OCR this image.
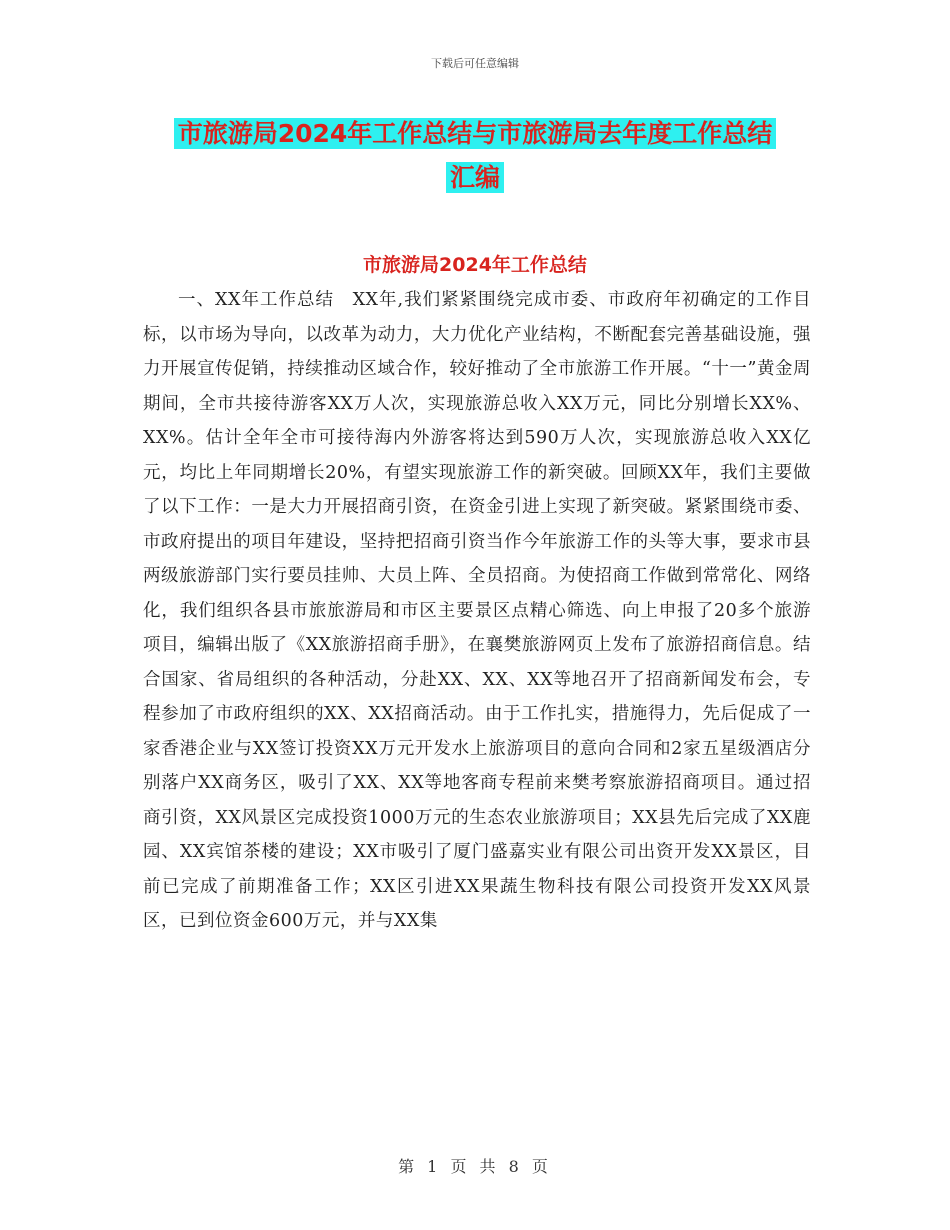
下载后可任意编辑
市旅游局2024年工作总结与市旅游局去年度工作总结
汇编
市旅游局2024年工作总结

一、XX年工作总结　XX年,我们紧紧围绕完成市委、市政府年初确定的工作目标，以市场为导向，以改革为动力，大力优化产业结构，不断配套完善基础设施，强力开展宣传促销，持续推动区域合作，较好推动了全市旅游工作开展。“十一”黄金周期间，全市共接待游客XX万人次，实现旅游总收入XX万元，同比分别增长XX%、XX%。估计全年全市可接待海内外游客将达到590万人次，实现旅游总收入XX亿元，均比上年同期增长20%，有望实现旅游工作的新突破。回顾XX年，我们主要做了以下工作：一是大力开展招商引资，在资金引进上实现了新突破。紧紧围绕市委、市政府提出的项目年建设，坚持把招商引资当作今年旅游工作的头等大事，要求市县两级旅游部门实行要员挂帅、大员上阵、全员招商。为使招商工作做到常常化、网络化，我们组织各县市旅旅游局和市区主要景区点精心筛选、向上申报了20多个旅游项目，编辑出版了《XX旅游招商手册》，在襄樊旅游网页上发布了旅游招商信息。结合国家、省局组织的各种活动，分赴XX、XX、XX等地召开了招商新闻发布会，专程参加了市政府组织的XX、XX招商活动。由于工作扎实，措施得力，先后促成了一家香港企业与XX签订投资XX万元开发水上旅游项目的意向合同和2家五星级酒店分别落户XX商务区，吸引了XX、XX等地客商专程前来樊考察旅游招商项目。通过招商引资，XX风景区完成投资1000万元的生态农业旅游项目；XX县先后完成了XX鹿园、XX宾馆茶楼的建设；XX市吸引了厦门盛嘉实业有限公司出资开发XX景区，目前已完成了前期准备工作；XX区引进XX果蔬生物科技有限公司投资开发XX风景区，已到位资金600万元，并与XX集

第 1 页 共 8 页
